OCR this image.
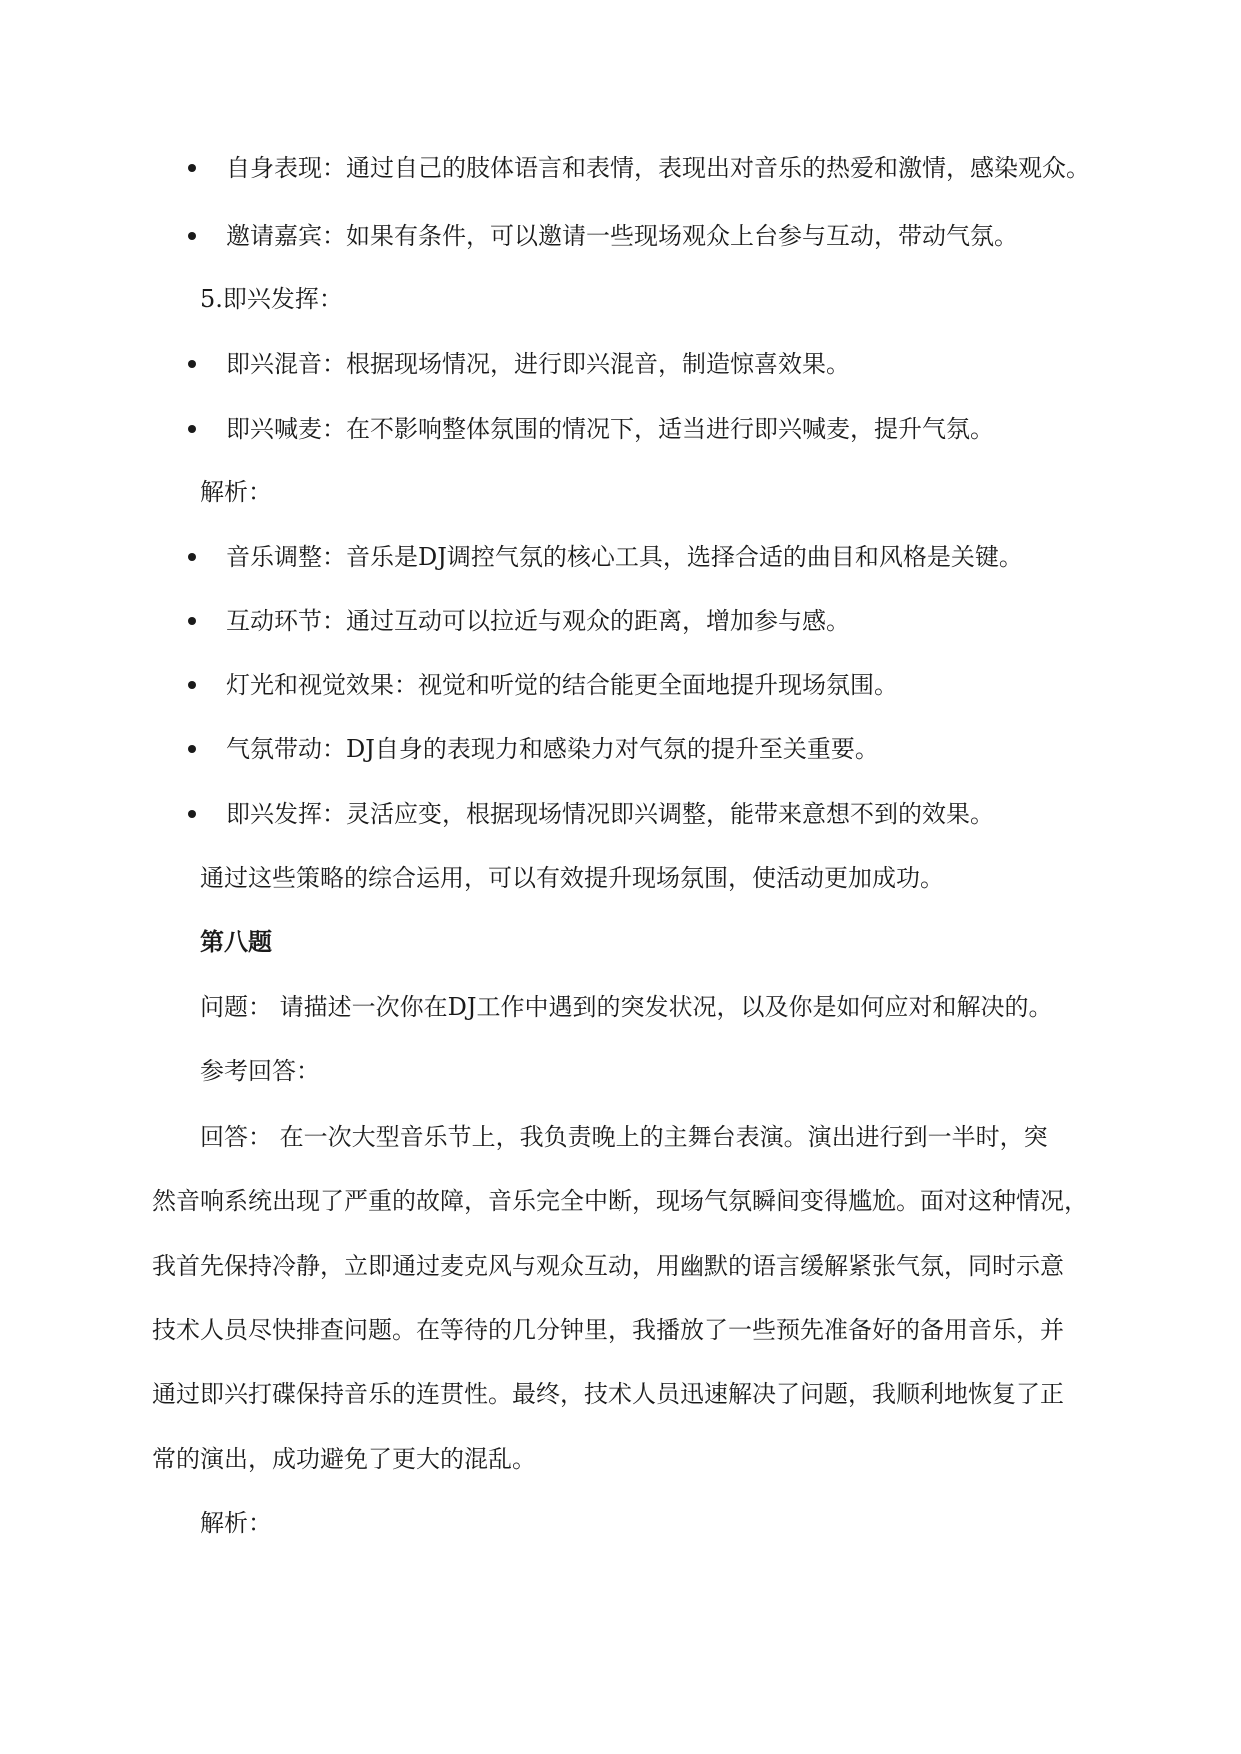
自身表现：通过自己的肢体语言和表情，表现出对音乐的热爱和激情，感染观众。
邀请嘉宾：如果有条件，可以邀请一些现场观众上台参与互动，带动气氛。
5.即兴发挥：
即兴混音：根据现场情况，进行即兴混音，制造惊喜效果。
即兴喊麦：在不影响整体氛围的情况下，适当进行即兴喊麦，提升气氛。
解析：
音乐调整：音乐是DJ调控气氛的核心工具，选择合适的曲目和风格是关键。
互动环节：通过互动可以拉近与观众的距离，增加参与感。
灯光和视觉效果：视觉和听觉的结合能更全面地提升现场氛围。
气氛带动：DJ自身的表现力和感染力对气氛的提升至关重要。
即兴发挥：灵活应变，根据现场情况即兴调整，能带来意想不到的效果。
通过这些策略的综合运用，可以有效提升现场氛围，使活动更加成功。
第八题
问题： 请描述一次你在DJ工作中遇到的突发状况，以及你是如何应对和解决的。
参考回答：
回答： 在一次大型音乐节上，我负责晚上的主舞台表演。演出进行到一半时，突
然音响系统出现了严重的故障，音乐完全中断，现场气氛瞬间变得尴尬。面对这种情况，
我首先保持冷静，立即通过麦克风与观众互动，用幽默的语言缓解紧张气氛，同时示意
技术人员尽快排查问题。在等待的几分钟里，我播放了一些预先准备好的备用音乐，并
通过即兴打碟保持音乐的连贯性。最终，技术人员迅速解决了问题，我顺利地恢复了正
常的演出，成功避免了更大的混乱。
解析：
